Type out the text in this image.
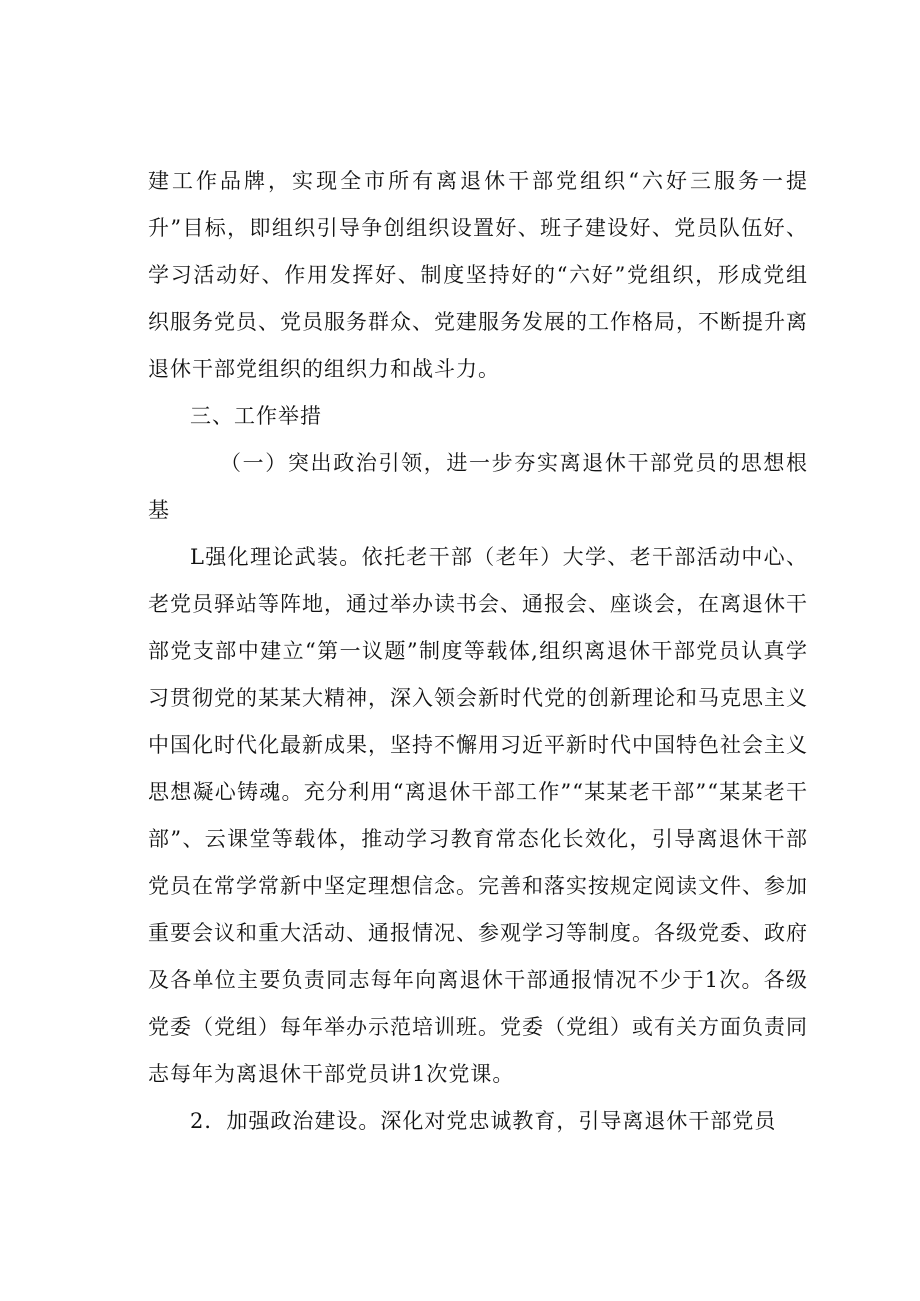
建工作品牌，实现全市所有离退休干部党组织“六好三服务一提升”目标，即组织引导争创组织设置好、班子建设好、党员队伍好、学习活动好、作用发挥好、制度坚持好的“六好”党组织，形成党组织服务党员、党员服务群众、党建服务发展的工作格局，不断提升离退休干部党组织的组织力和战斗力。

三、工作举措

（一）突出政治引领，进一步夯实离退休干部党员的思想根基

L强化理论武装。依托老干部（老年）大学、老干部活动中心、老党员驿站等阵地，通过举办读书会、通报会、座谈会，在离退休干部党支部中建立“第一议题”制度等载体,组织离退休干部党员认真学习贯彻党的某某大精神，深入领会新时代党的创新理论和马克思主义中国化时代化最新成果，坚持不懈用习近平新时代中国特色社会主义思想凝心铸魂。充分利用“离退休干部工作”“某某老干部”“某某老干部”、云课堂等载体，推动学习教育常态化长效化，引导离退休干部党员在常学常新中坚定理想信念。完善和落实按规定阅读文件、参加重要会议和重大活动、通报情况、参观学习等制度。各级党委、政府及各单位主要负责同志每年向离退休干部通报情况不少于1次。各级党委（党组）每年举办示范培训班。党委（党组）或有关方面负责同志每年为离退休干部党员讲1次党课。

2．加强政治建设。深化对党忠诚教育，引导离退休干部党员
